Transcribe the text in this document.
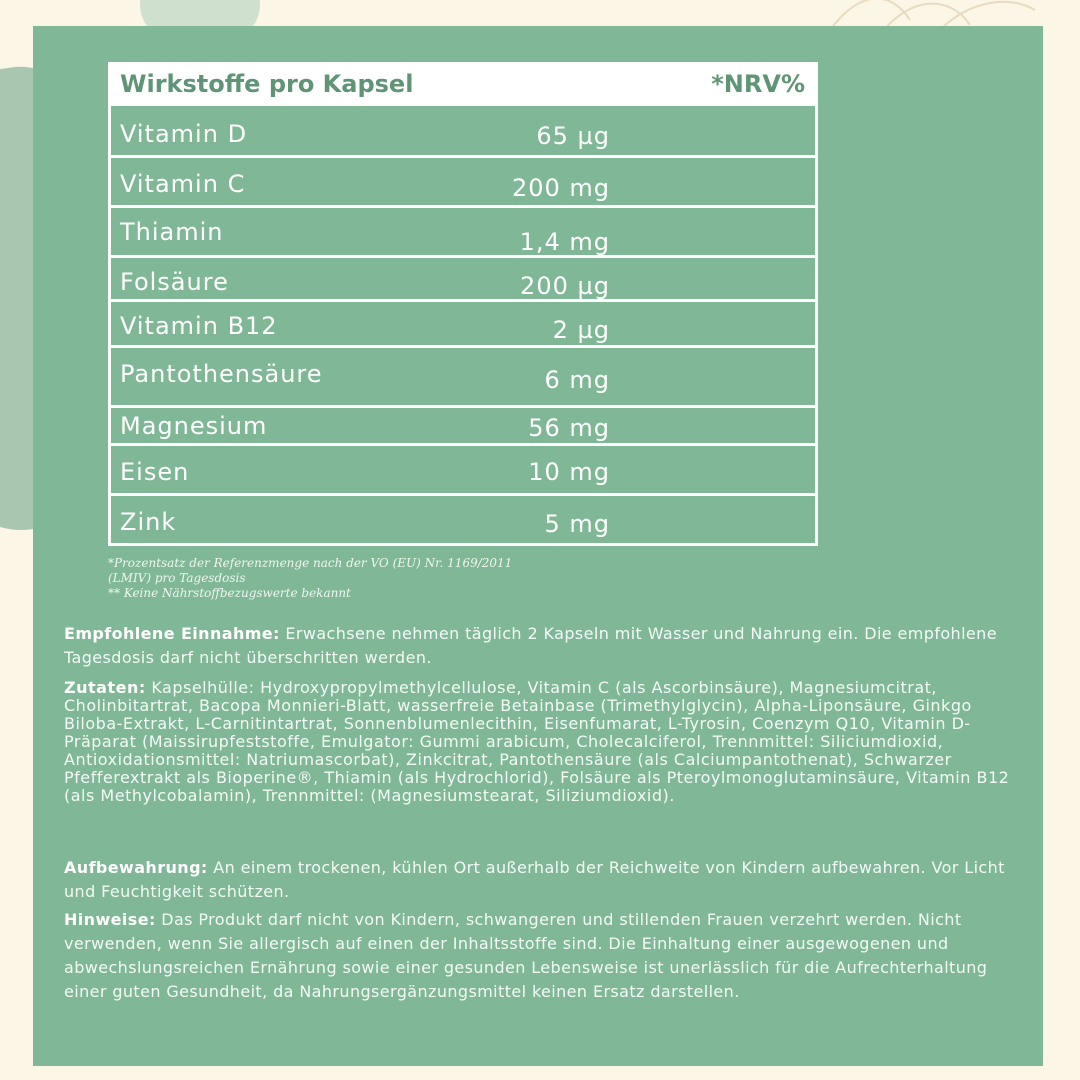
Wirkstoffe pro Kapsel	*NRV%
Vitamin D	65 µg
Vitamin C	200 mg
Thiamin	1,4 mg
Folsäure	200 µg
Vitamin B12	2 µg
Pantothensäure	6 mg
Magnesium	56 mg
Eisen	10 mg
Zink	5 mg
*Prozentsatz der Referenzmenge nach der VO (EU) Nr. 1169/2011
(LMIV) pro Tagesdosis
** Keine Nährstoffbezugswerte bekannt
Empfohlene Einnahme: Erwachsene nehmen täglich 2 Kapseln mit Wasser und Nahrung ein. Die empfohlene Tagesdosis darf nicht überschritten werden.
Zutaten: Kapselhülle: Hydroxypropylmethylcellulose, Vitamin C (als Ascorbinsäure), Magnesiumcitrat, Cholinbitartrat, Bacopa Monnieri-Blatt, wasserfreie Betainbase (Trimethylglycin), Alpha-Liponsäure, Ginkgo Biloba-Extrakt, L-Carnitintartrat, Sonnenblumenlecithin, Eisenfumarat, L-Tyrosin, Coenzym Q10, Vitamin D-Präparat (Maissirupfeststoffe, Emulgator: Gummi arabicum, Cholecalciferol, Trennmittel: Siliciumdioxid, Antioxidationsmittel: Natriumascorbat), Zinkcitrat, Pantothensäure (als Calciumpantothenat), Schwarzer Pfefferextrakt als Bioperine®, Thiamin (als Hydrochlorid), Folsäure als Pteroylmonoglutaminsäure, Vitamin B12 (als Methylcobalamin), Trennmittel: (Magnesiumstearat, Siliziumdioxid).
Aufbewahrung: An einem trockenen, kühlen Ort außerhalb der Reichweite von Kindern aufbewahren. Vor Licht und Feuchtigkeit schützen.
Hinweise: Das Produkt darf nicht von Kindern, schwangeren und stillenden Frauen verzehrt werden. Nicht verwenden, wenn Sie allergisch auf einen der Inhaltsstoffe sind. Die Einhaltung einer ausgewogenen und abwechslungsreichen Ernährung sowie einer gesunden Lebensweise ist unerlässlich für die Aufrechterhaltung einer guten Gesundheit, da Nahrungsergänzungsmittel keinen Ersatz darstellen.
